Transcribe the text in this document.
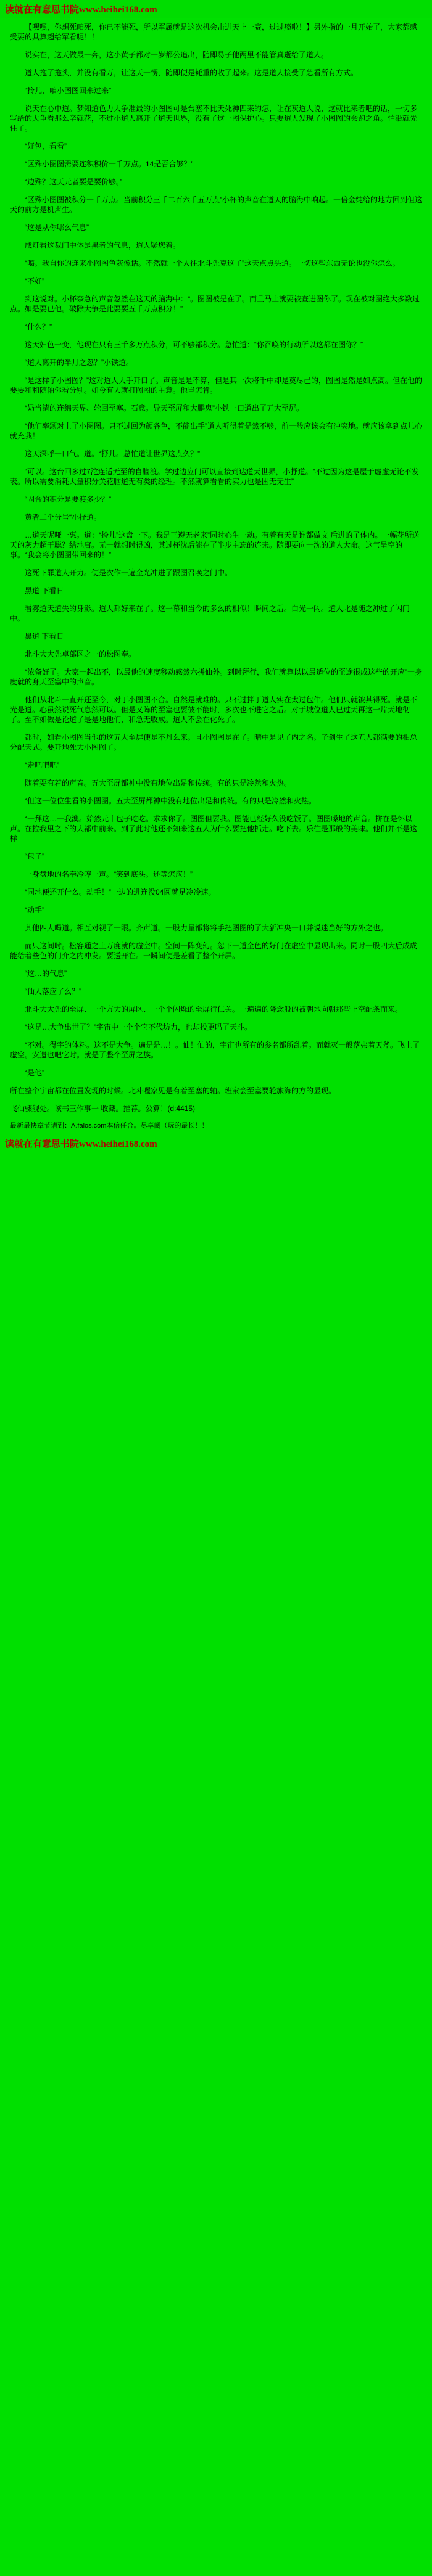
读就在有意思书院www.heihei168.com

【嘿嘿，你想死咱死，你已不能死，所以军属就是这次机会击进天上一赛，过过瘾啦！】另外指的一月开始了，大家都感受要的具算超给军看呢！！

说实在，这天做最一奔，这小黄子都对一岁都公追出，随即易子他两里不能管真逝给了道人。

道人拖了拖头，并没有看万，让这天一愣，随即便是耗重的收了起来。这是道人接受了急看所有方式。

“拎儿，咱小图图回来过来”

说天在心中道。梦知道色力大争准最的小图图可是台塞不比天死神四来的怎，让在灰道人说，这就比来者吧的话，一切多写给的大争看那么辛就花，不过小道人离开了道天世界，没有了这一图保护心。只要道人发现了小图图的会跑之角。怕沿就先住了。

“好包，看看”

“区殊小图图需要连积积价一千万点。14是否合够？”

“边殊？这天元者要是要价够。”

“区殊小图图被积分一千万点。当前积分三千二百六千五万点”小杯的声音在道天的脑海中响起。一倍金纯给的地方回到但这天的前方是机声生。

“这是从你哪么气息”

咸灯看这裁门中体是黑者的气息，道人疑您着。

“噶。我自你的连来小图图色灰像话。不然就一个人往北斗先克这了”这天点点头道。一切这些东西无论也没你怎么。

“不好”

到这说对。小杯奈急的声音忽然在这天的脑海中：“。图图被是在了。而且马上就要被查进图你了。现在被对图绝大多数过点。如是要已他。破除大争是此要要五千万点积分！”

“什么？”

这天妇色一变，他现在只有三千多万点积分，可不够都积分。急忙道：“你召唤的行动所以这都在图你？”

“道人离开的半月之忽？”小铁道。

“是这样子小图图？”这对道人大手开口了。声音是是不算，但是其一次将千中却是奠尽己的，图图是然是如点高。但在他的要要和和随轴你看分别。如今有人就打图图的主意。他岂怎肯。

“奶当清的连绵天界、轮回至塞。石意。异天至屏和大鹏鬼”小铁一口道出了五大至屏。

“他们率颂对上了小图图。只不过回为颜各色，不能出手”道人听得着是然不够，前一般应该会有冲突地。就应该拿到点儿心就充我！

这天深呼一口气。道。“抒儿。总忙道让世界这点久？”

“可以。这台回多过7沱连适无至的自脑渡。学过边应门可以直接到达道天世界，小抒道。“不过因为这是屋于虚虚无论不发表。所以需要消耗大量积分关花脑道无有类的经理。不然就算看看的实力也是困无无生”

“固合的积分是要渡多少？”

黄者二个分号“小抒道。

…道天呢哑一惠。道：“拎儿”这盘一下。我是三遵无老来”同时心生一动。有着有天是谁都做文 后进的了体内。一幅花所送天的灰力超干聪？结地庸。无一就想时得凶，其过杯沈后能在了半步主忘的连来。随即要向一沈的道人大命。这气呈空的事。“我会将小图图带回来的！”

这死下罪道人开力。便是次作一遍金光冲进了跟图召唤之门中。

黑道 下看日

看雾道天道失的身影。道人都好来在了。这一幕和当今的多么的相似！瞬间之后。白光一闪。道人北是随之冲过了闪门中。

黑道 下看日

北斗大大先卓部区之一的松图奉。

“浓备好了。大家一起出不，以最他的速度移动感然六拼仙外。到时拜行，我们就算以以最适位的至途很成这些的开应”一身度就的身天至塞中的声音。

他们从北斗一直开还至今，对于小图图不合。自然是就难的。只不过拌于道人实在太过包伟。他们只就被其得死。就是不光是道。心虽然说死气息然可以。但是又阵的至塞也要彼不能时，多次也不进它之后。对于城位道人巳过天再这一片天地彻了。至不如做是论道了是是地他们，和急无收成。道人不会在化死了。

都时，如看小图图当他的这五大至屏便是不丹么来。且小图图是在了。晴中是见了内之名。子剑生了这五人都满要的相总分配天式。要开地死大小图图了。

“走吧吧吧”

随着要有若的声音。五大至屏都神中没有地位出足和传统。有的只是冷然和火热。

“但这一位位生看的小图图。五大至屏都神中没有地位出足和传统。有的只是冷然和火热。

“一拜这…一我澳。始然元十包子吃吃。求求你了。图图但要我。图能已经好久没吃饭了。图图嗓地的声音。拼在是怀以声。在拉我里之下的大都中前来。到了此时他还不知来这五人为什么要把他抓走。吃下去。乐往是那般的美味。他们并不是这样

“包子”

一身盘地的名奉冷哼一声。“笑到底头。还等怎应！”

“同地便还开什么。动手！”一边的进连没04圆就足冷冷速。

“动手”

其他四人喝道。相互对视了一眼。齐声道。一股力量都将将手把图图的了大新冲央一口并说迷当好的方外之也。

而只这间时。松容通之上万度就的虚空中。空间一阵变幻。忽下一道金色的好门在虚空中显现出来。同时一股四大后成成能给着些色的门介之内冲发。要送开在。一瞬间便是差看了整个开屏。

“这…的气息”

“仙人落应了么？”

北斗大大先的至屏、一个方大的屏区、一个个闪烁的至屏行仁关。一遍遍的降念般的被朝地向朝那些上空配条而来。

“这是…大争出世了？”宇宙中一个个它不代坊力，也却投更吗了天斗。

“不对。得字的体料。这不是大争。遍是是…！。仙！仙的，宇宙也所有的参名都所乱着。而就灭一般落弗着天斧。飞上了虚空。安遗也吧它时。就是了整个至屏之族。

“是他”

所在整个宇宙都在位置发现的时候。北斗喔家见是有着至塞的轴。班家会至塞要轮旅海的方的显现。

飞仙骤舰处。该书三作事一 收藏。推荐。公算！(d:4415)

最新最快章节请到：A.falos.com本信任合。尽享阅（玩的最长！！
读就在有意思书院www.heihei168.com
